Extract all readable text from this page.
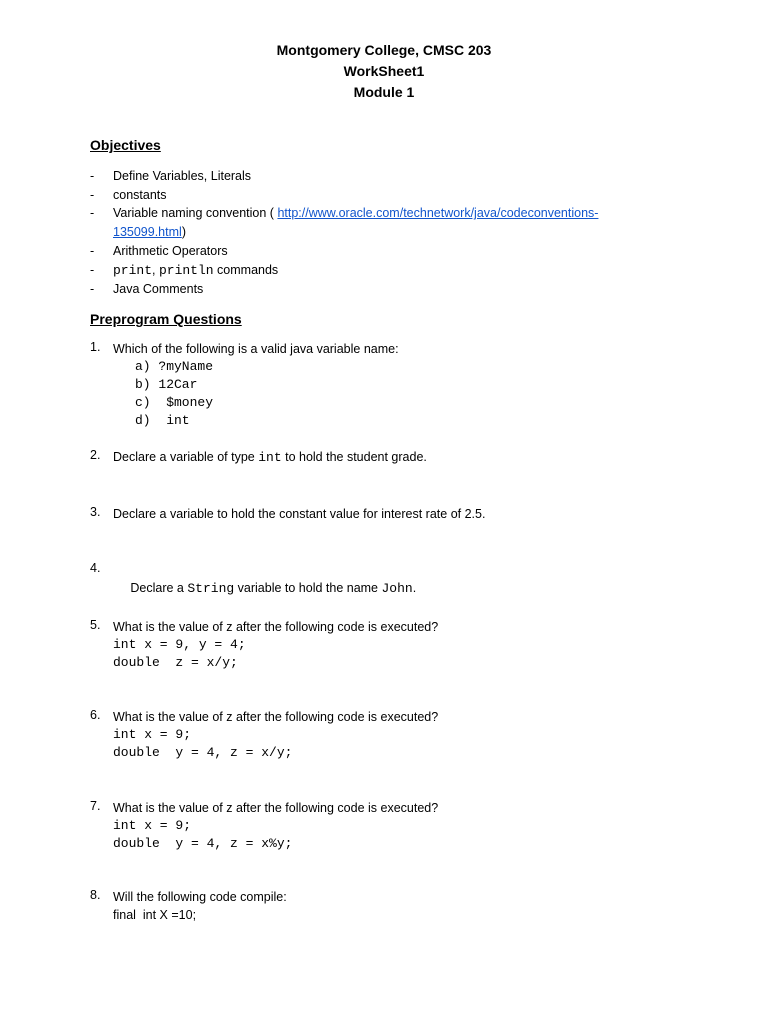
Montgomery College, CMSC 203
WorkSheet1
Module 1
Objectives
- Define Variables, Literals
- constants
- Variable naming convention ( http://www.oracle.com/technetwork/java/codeconventions-135099.html)
- Arithmetic Operators
- print, println commands
- Java Comments
Preprogram Questions
1. Which of the following is a valid java variable name:
a) ?myName
b) 12Car
c)  $money
d)  int
2.	Declare a variable of type int to hold the student grade.
3.	Declare a variable to hold the constant value for interest rate of 2.5.
4.

Declare a String variable to hold the name John.

5. What is the value of z after the following code is executed?
int x = 9, y = 4;
double  z = x/y;
6. What is the value of z after the following code is executed?
int x = 9;
double  y = 4, z = x/y;
7. What is the value of z after the following code is executed?
int x = 9;
double  y = 4, z = x%y;
8. Will the following code compile:
final  int X =10;
